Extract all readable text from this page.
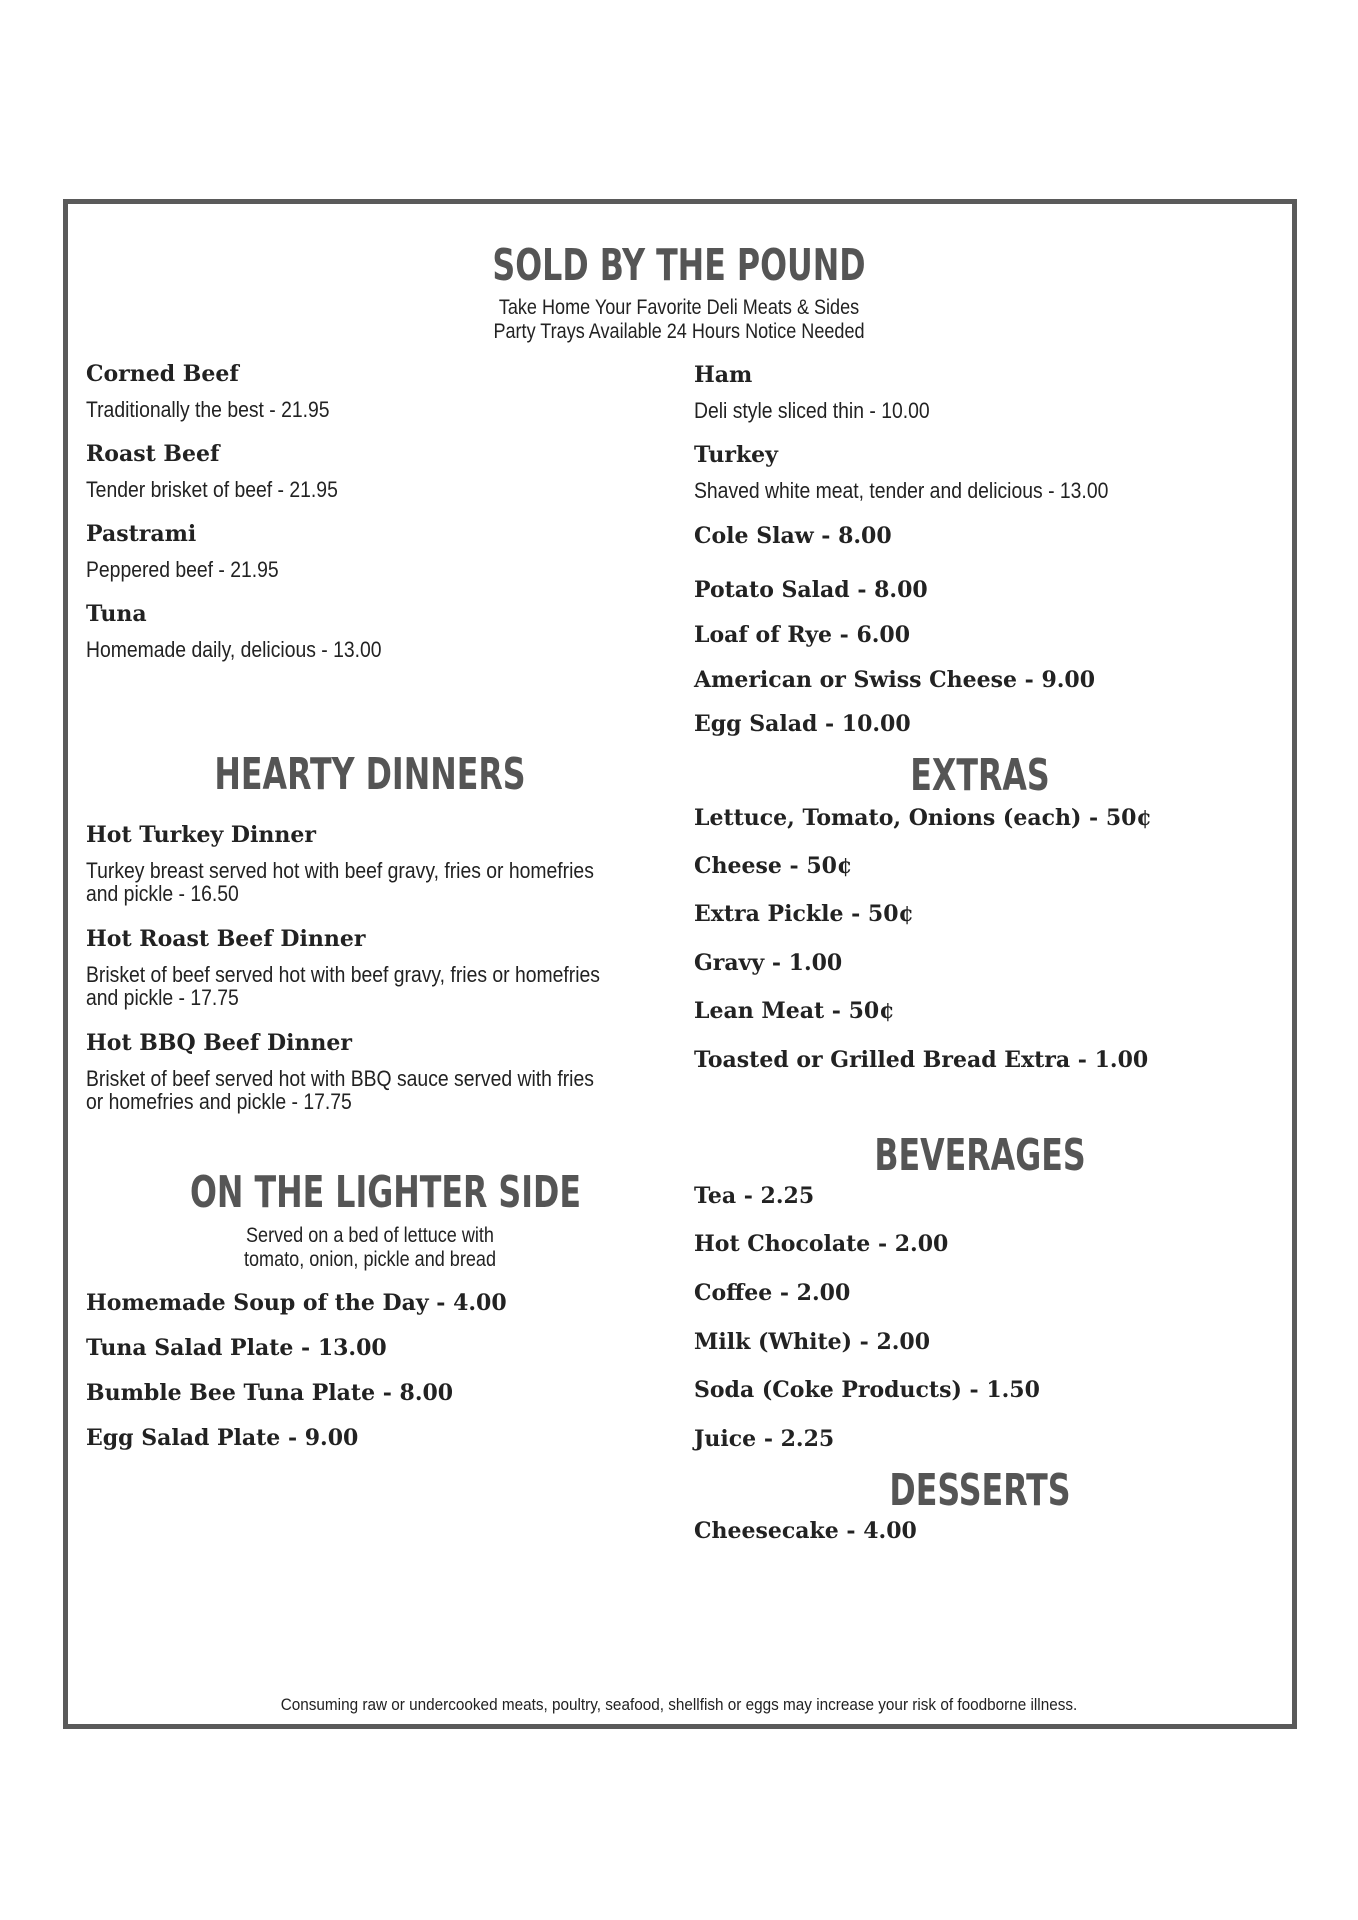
SOLD BY THE POUND
Take Home Your Favorite Deli Meats & Sides
Party Trays Available 24 Hours Notice Needed
Corned Beef
Traditionally the best - 21.95
Roast Beef
Tender brisket of beef - 21.95
Pastrami
Peppered beef - 21.95
Tuna
Homemade daily, delicious - 13.00
Ham
Deli style sliced thin - 10.00
Turkey
Shaved white meat, tender and delicious - 13.00
Cole Slaw - 8.00
Potato Salad - 8.00
Loaf of Rye - 6.00
American or Swiss Cheese - 9.00
Egg Salad - 10.00
HEARTY DINNERS
Hot Turkey Dinner
Turkey breast served hot with beef gravy, fries or homefries
and pickle - 16.50
Hot Roast Beef Dinner
Brisket of beef served hot with beef gravy, fries or homefries
and pickle - 17.75
Hot BBQ Beef Dinner
Brisket of beef served hot with BBQ sauce served with fries
or homefries and pickle - 17.75
ON THE LIGHTER SIDE
Served on a bed of lettuce with
tomato, onion, pickle and bread
Homemade Soup of the Day - 4.00
Tuna Salad Plate - 13.00
Bumble Bee Tuna Plate - 8.00
Egg Salad Plate - 9.00
EXTRAS
Lettuce, Tomato, Onions (each) - 50¢
Cheese - 50¢
Extra Pickle - 50¢
Gravy - 1.00
Lean Meat - 50¢
Toasted or Grilled Bread Extra - 1.00
BEVERAGES
Tea - 2.25
Hot Chocolate - 2.00
Coffee - 2.00
Milk (White) - 2.00
Soda (Coke Products) - 1.50
Juice - 2.25
DESSERTS
Cheesecake - 4.00
Consuming raw or undercooked meats, poultry, seafood, shellfish or eggs may increase your risk of foodborne illness.
